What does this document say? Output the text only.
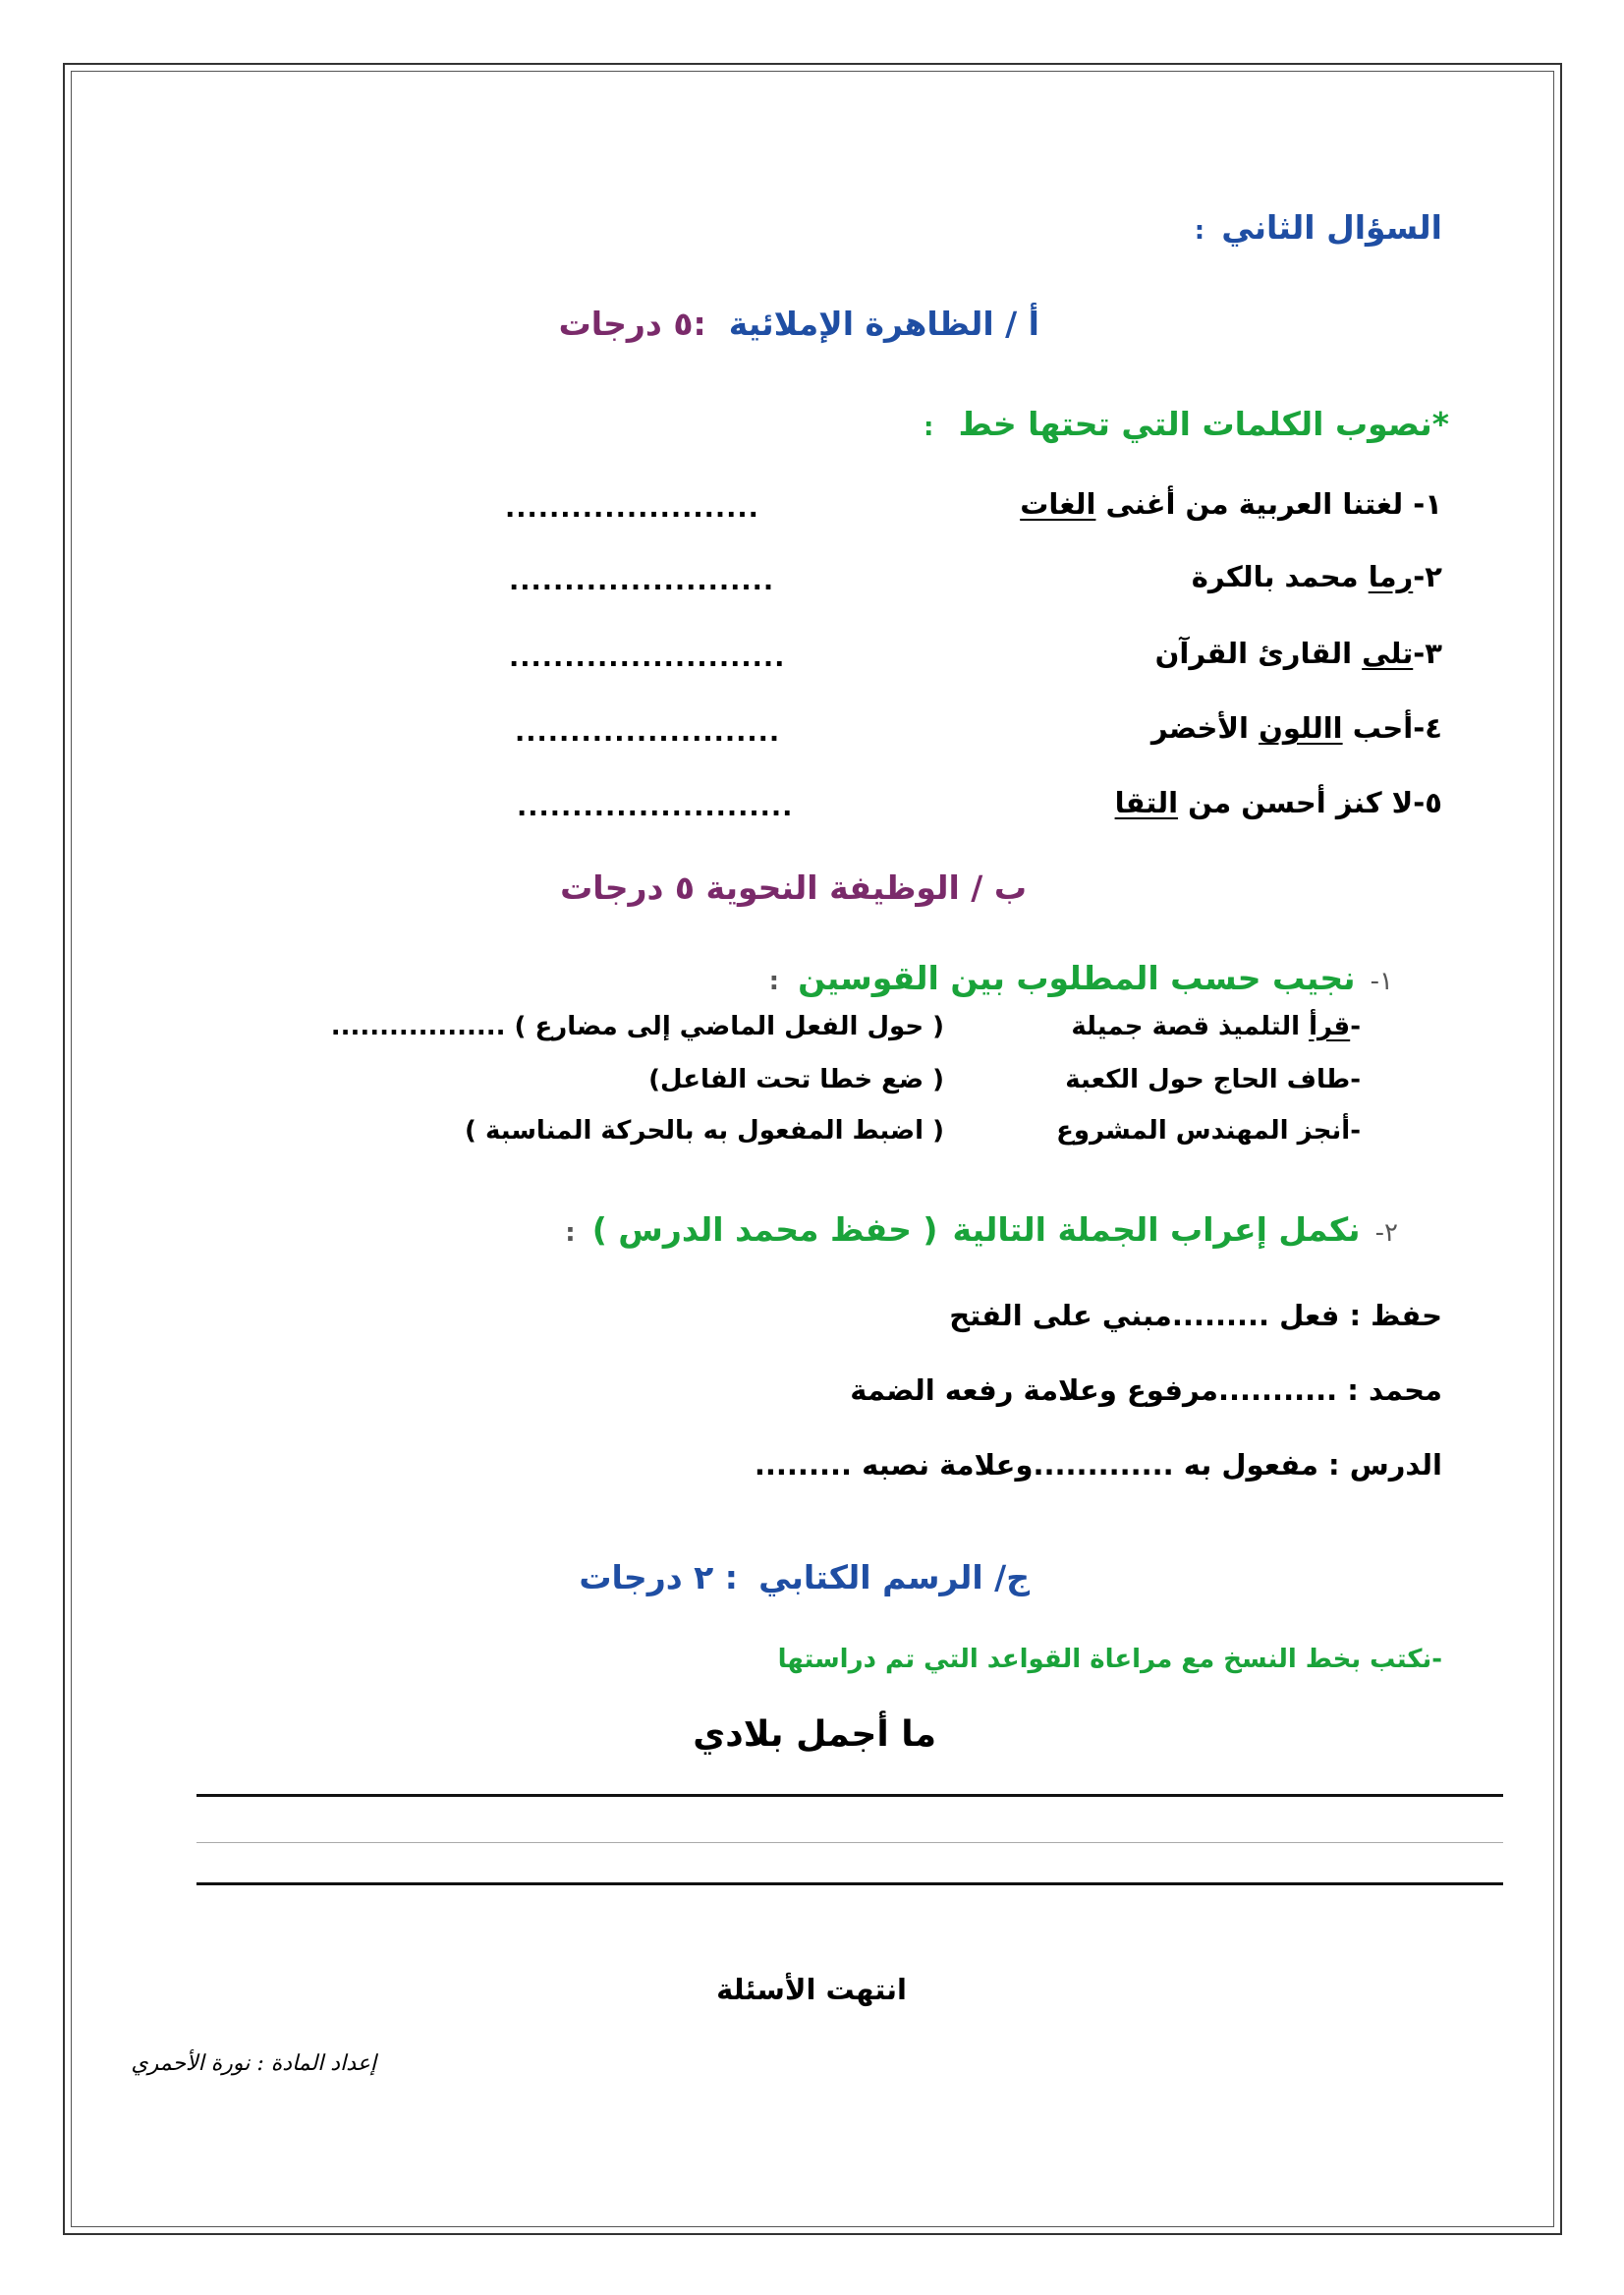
السؤال الثاني :
أ / الظاهرة الإملائية :٥ درجات
*نصوب الكلمات التي تحتها خط :
١- لغتنا العربية من أغنى الغات
.......................
٢-رما محمد بالكرة
........................
٣-تلى القارئ القرآن
.........................
٤-أحب االلون الأخضر
........................
٥-لا كنز أحسن من التقا
.........................
ب / الوظيفة النحوية ٥ درجات
١- نجيب حسب المطلوب بين القوسين :
-قرأ التلميذ قصة جميلة
( حول الفعل الماضي إلى مضارع ) ..................
-طاف الحاج حول الكعبة
( ضع خطا تحت الفاعل)
-أنجز المهندس المشروع
( اضبط المفعول به بالحركة المناسبة )
٢- نكمل إعراب الجملة التالية ( حفظ محمد الدرس ) :
حفظ : فعل .........مبني على الفتح
محمد : ...........مرفوع وعلامة رفعه الضمة
الدرس : مفعول به .............وعلامة نصبه .........
ج/ الرسم الكتابي : ٢ درجات
-نكتب بخط النسخ مع مراعاة القواعد التي تم دراستها
ما أجمل بلادي
انتهت الأسئلة
إعداد المادة : نورة الأحمري
